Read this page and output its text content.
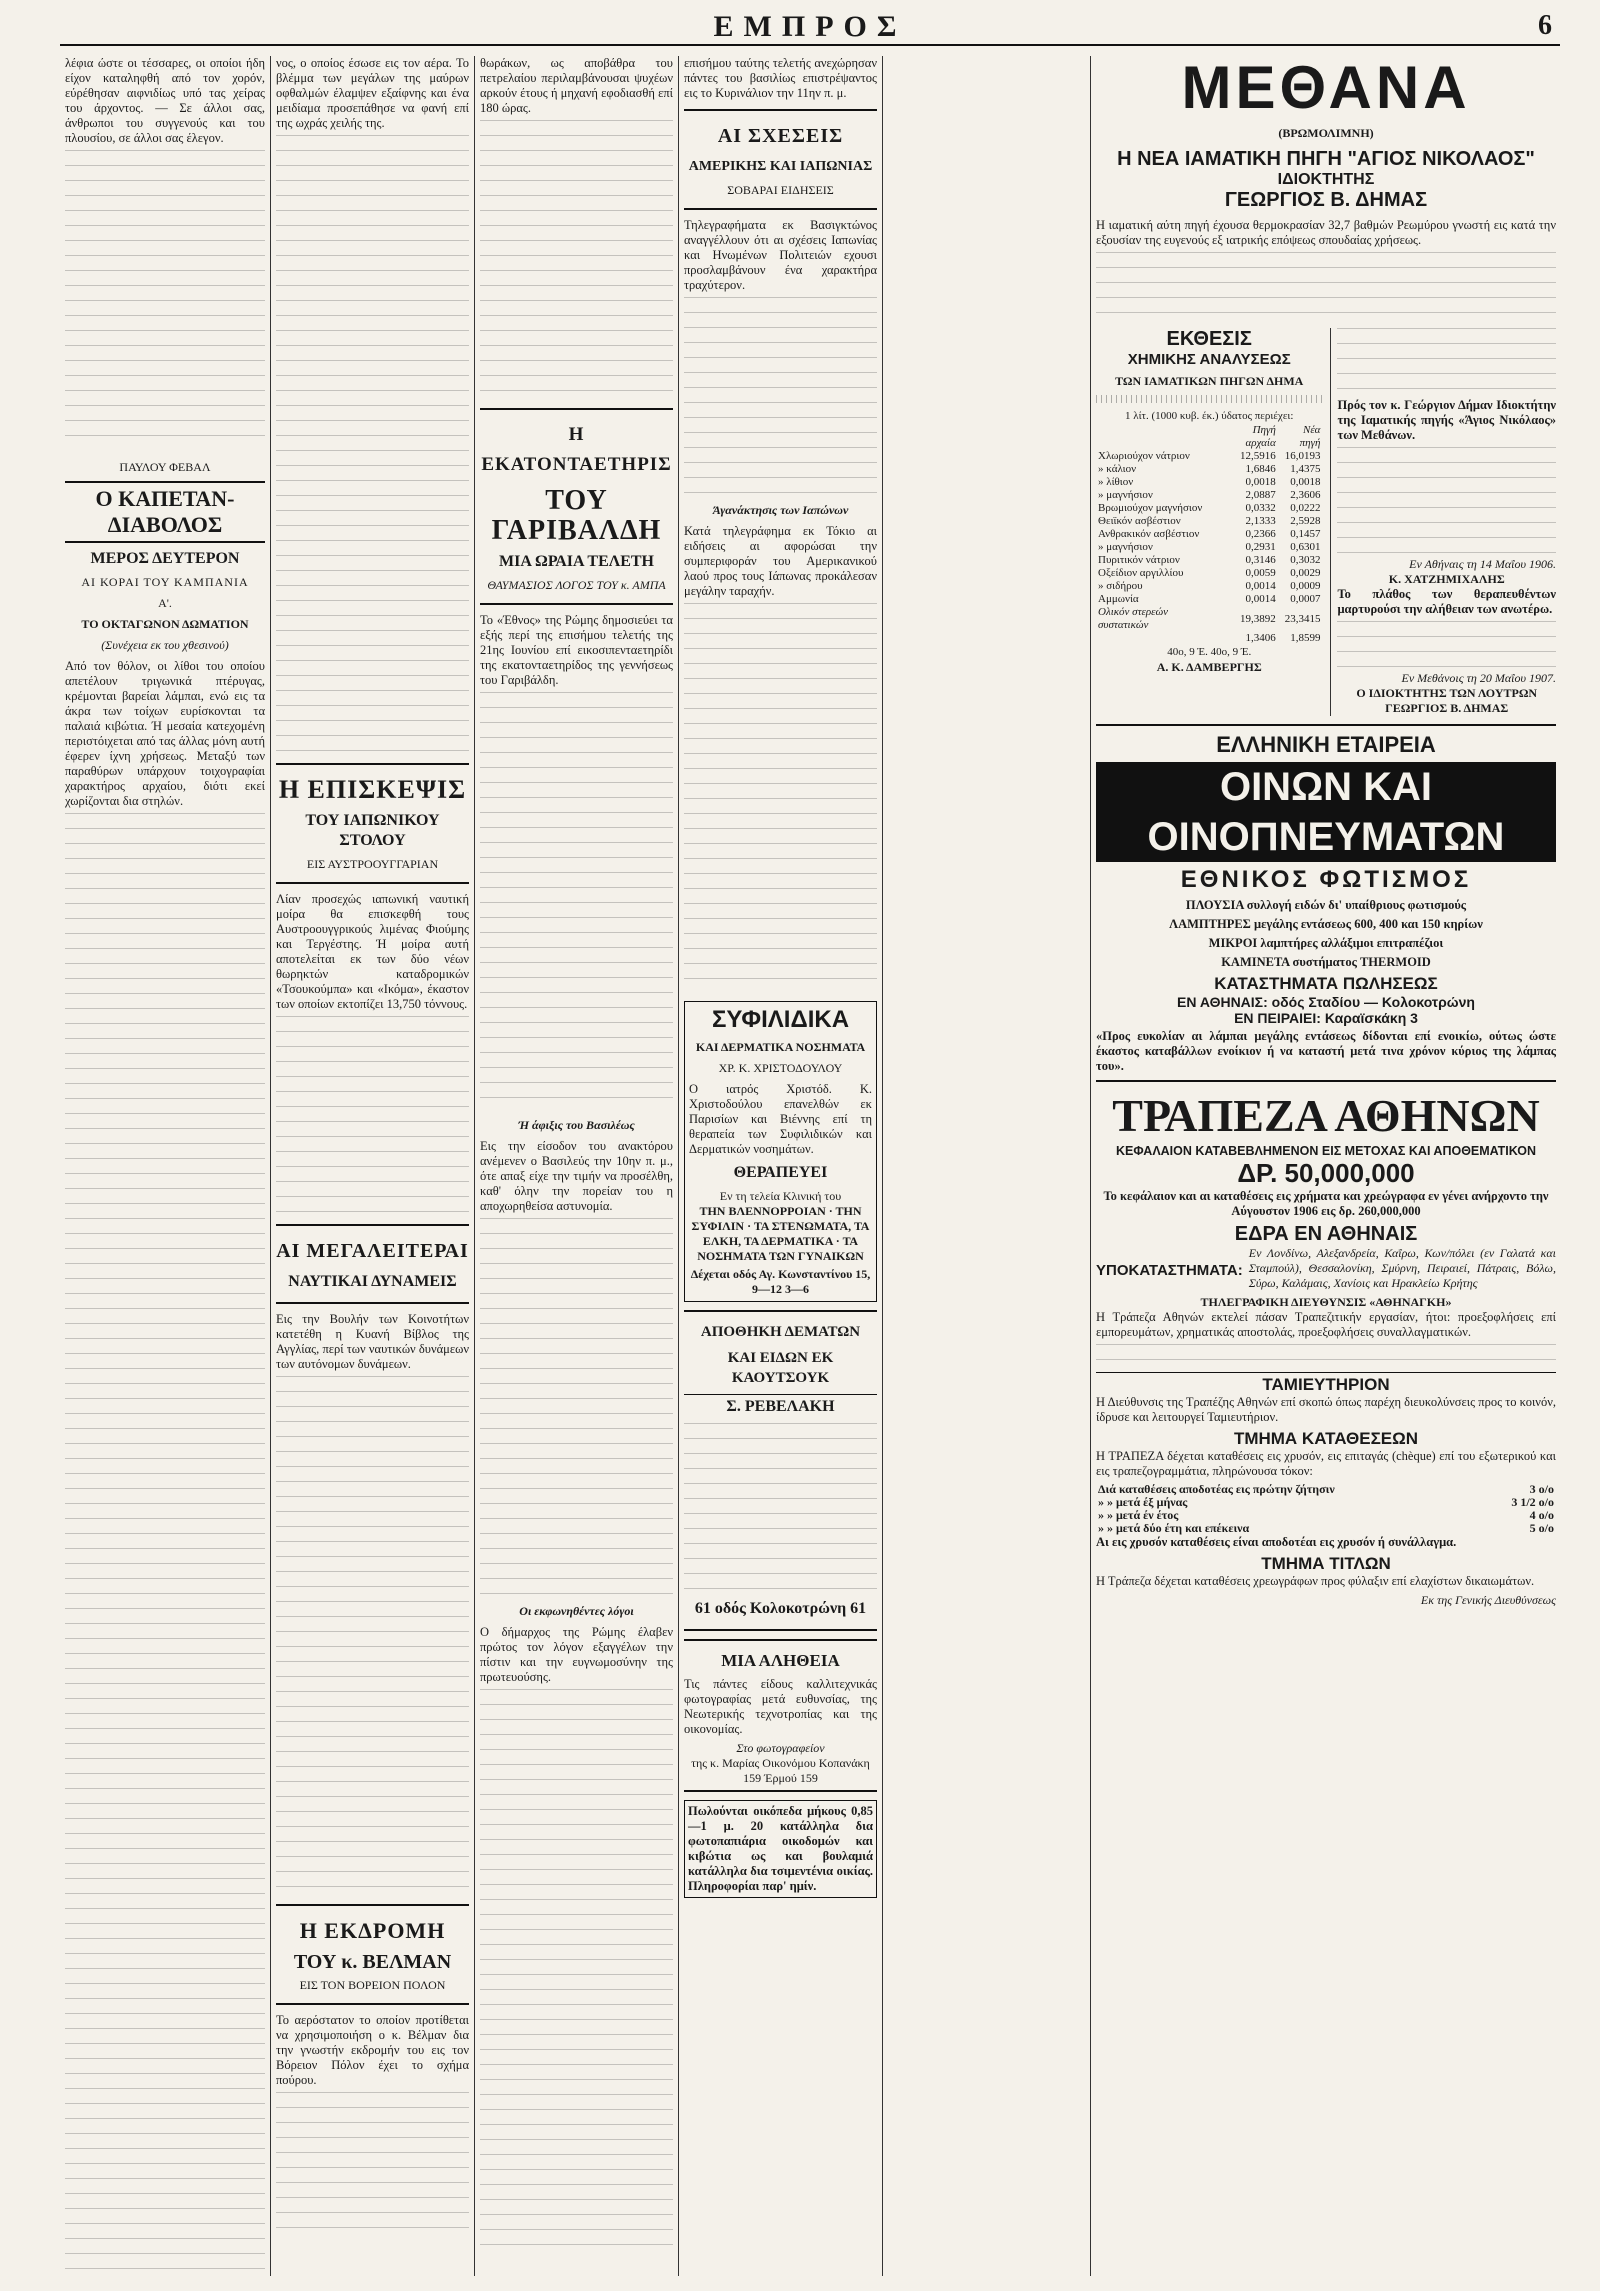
ΕΜΠΡΟΣ	6
λέφια ώστε οι τέσσαρες, οι οποίοι ήδη είχον καταληφθή από τον χορόν, εύρέθησαν αιφνιδίως υπό τας χείρας του άρχοντος. — Σε άλλοι σας, άνθρωποι του συγγενούς και του πλουσίου, σε άλλοι σας έλεγον.
ΠΑΥΛΟΥ ΦΕΒΑΛ
Ο ΚΑΠΕΤΑΝ-ΔΙΑΒΟΛΟΣ
ΜΕΡΟΣ ΔΕΥΤΕΡΟΝ
ΑΙ ΚΟΡΑΙ ΤΟΥ ΚΑΜΠΑΝΙΑ
Α'.
ΤΟ ΟΚΤΑΓΩΝΟΝ ΔΩΜΑΤΙΟΝ
(Συνέχεια εκ του χθεσινού)
Από τον θόλον, οι λίθοι του οποίου απετέλουν τριγωνικά πτέρυγας, κρέμονται βαρείαι λάμπαι, ενώ εις τα άκρα των τοίχων ευρίσκονται τα παλαιά κιβώτια. Ή μεσαία κατεχομένη περιστόιχεται από τας άλλας μόνη αυτή έφερεν ίχνη χρήσεως. Μεταξύ των παραθύρων υπάρχουν τοιχογραφίαι χαρακτήρος αρχαίου, διότι εκεί χωρίζονται δια στηλών.
νος, ο οποίος έσωσε εις τον αέρα. Το βλέμμα των μεγάλων της μαύρων οφθαλμών έλαμψεν εξαίφνης και ένα μειδίαμα προσεπάθησε να φανή επί της ωχράς χειλής της.
Η ΕΠΙΣΚΕΨΙΣ
ΤΟΥ ΙΑΠΩΝΙΚΟΥ ΣΤΟΛΟΥ
ΕΙΣ ΑΥΣΤΡΟΟΥΓΓΑΡΙΑΝ
Λίαν προσεχώς ιαπωνική ναυτική μοίρα θα επισκεφθή τους Αυστροουγγρικούς λιμένας Φιούμης και Τεργέστης. Ή μοίρα αυτή αποτελείται εκ των δύο νέων θωρηκτών καταδρομικών «Τσουκούμπα» και «Ικόμα», έκαστον των οποίων εκτοπίζει 13,750 τόννους.
ΑΙ ΜΕΓΑΛΕΙΤΕΡΑΙ
ΝΑΥΤΙΚΑΙ ΔΥΝΑΜΕΙΣ
Εις την Βουλήν των Κοινοτήτων κατετέθη η Κυανή Βίβλος της Αγγλίας, περί των ναυτικών δυνάμεων των αυτόνομων δυνάμεων.
Η ΕΚΔΡΟΜΗ
ΤΟΥ κ. ΒΕΛΜΑΝ
ΕΙΣ ΤΟΝ ΒΟΡΕΙΟΝ ΠΟΛΟΝ
Το αερόστατον το οποίον προτίθεται να χρησιμοποιήση ο κ. Βέλμαν δια την γνωστήν εκδρομήν του εις τον Βόρειον Πόλον έχει το σχήμα πούρου.
θωράκων, ως αποβάθρα του πετρελαίου περιλαμβάνουσαι ψυχέων αρκούν έτους ή μηχανή εφοδιασθή επί 180 ώρας.
Η ΕΚΑΤΟΝΤΑΕΤΗΡΙΣ
ΤΟΥ ΓΑΡΙΒΑΛΔΗ
ΜΙΑ ΩΡΑΙΑ ΤΕΛΕΤΗ
ΘΑΥΜΑΣΙΟΣ ΛΟΓΟΣ ΤΟΥ κ. ΑΜΠΑ
Το «Έθνος» της Ρώμης δημοσιεύει τα εξής περί της επισήμου τελετής της 21ης Ιουνίου επί εικοσιπενταετηρίδι της εκατονταετηρίδος της γεννήσεως του Γαριβάλδη.
Ή άφιξις του Βασιλέως
Εις την είσοδον του ανακτόρου ανέμενεν ο Βασιλεύς την 10ην π. μ., ότε απαξ είχε την τιμήν να προσέλθη, καθ' όλην την πορείαν του η αποχωρηθείσα αστυνομία.
Οι εκφωνηθέντες λόγοι
Ο δήμαρχος της Ρώμης έλαβεν πρώτος τον λόγον εξαγγέλων την πίστιν και την ευγνωμοσύνην της πρωτευούσης.
επισήμου ταύτης τελετής ανεχώρησαν πάντες του βασιλίως επιστρέψαντος εις το Κυρινάλιον την 11ην π. μ.
ΑΙ ΣΧΕΣΕΙΣ
ΑΜΕΡΙΚΗΣ ΚΑΙ ΙΑΠΩΝΙΑΣ
ΣΟΒΑΡΑΙ ΕΙΔΗΣΕΙΣ
Τηλεγραφήματα εκ Βασιγκτώνος αναγγέλλουν ότι αι σχέσεις Ιαπωνίας και Ηνωμένων Πολιτειών εχουσι προσλαμβάνουν ένα χαρακτήρα τραχύτερον.
Άγανάκτησις των Ιαπώνων
Κατά τηλεγράφημα εκ Τόκιο αι ειδήσεις αι αφορώσαι την συμπεριφοράν του Αμερικανικού λαού προς τους Ιάπωνας προκάλεσαν μεγάλην ταραχήν.
ΣΥΦΙΛΙΔΙΚΑ
ΚΑΙ ΔΕΡΜΑΤΙΚΑ ΝΟΣΗΜΑΤΑ
ΧΡ. Κ. ΧΡΙΣΤΟΔΟΥΛΟΥ
Ο ιατρός Χριστόδ. Κ. Χριστοδούλου επανελθών εκ Παρισίων και Βιέννης επί τη θεραπεία των Συφιλιδικών και Δερματικών νοσημάτων.
ΘΕΡΑΠΕΥΕΙ
Εν τη τελεία Κλινική του
ΤΗΝ ΒΛΕΝΝΟΡΡΟΙΑΝ · ΤΗΝ ΣΥΦΙΛΙΝ · ΤΑ ΣΤΕΝΩΜΑΤΑ, ΤΑ ΕΛΚΗ, ΤΑ ΔΕΡΜΑΤΙΚΑ · ΤΑ ΝΟΣΗΜΑΤΑ ΤΩΝ ΓΥΝΑΙΚΩΝ
Δέχεται οδός Αγ. Κωνσταντίνου 15, 9—12 3—6
ΑΠΟΘΗΚΗ ΔΕΜΑΤΩΝ
ΚΑΙ ΕΙΔΩΝ ΕΚ ΚΑΟΥΤΣΟΥΚ
Σ. ΡΕΒΕΛΑΚΗ
61 οδός Κολοκοτρώνη 61
ΜΙΑ ΑΛΗΘΕΙΑ
Τις πάντες είδους καλλιτεχνικάς φωτογραφίας μετά ευθυνσίας, της Νεωτερικής τεχνοτροπίας και της οικονομίας.
Στο φωτογραφείον
της κ. Μαρίας Οικονόμου Κοπανάκη 159 Έρμού 159
Πωλούνται οικόπεδα μήκους 0,85—1 μ. 20 κατάλληλα δια φωτοπαπιάρια οικοδομών και κιβώτια ως και βουλαμιά κατάλληλα δια τσιμεντένια οικίας. Πληροφορίαι παρ' ημίν.
ΜΕΘΑΝΑ
(ΒΡΩΜΟΛΙΜΝΗ)
Η ΝΕΑ ΙΑΜΑΤΙΚΗ ΠΗΓΗ "ΑΓΙΟΣ ΝΙΚΟΛΑΟΣ"
ΙΔΙΟΚΤΗΤΗΣ
ΓΕΩΡΓΙΟΣ Β. ΔΗΜΑΣ
Η ιαματική αύτη πηγή έχουσα θερμοκρασίαν 32,7 βαθμών Ρεωμύρου γνωστή εις κατά την εξουσίαν της ευγενούς εξ ιατρικής επόψεως σπουδαίας χρήσεως.
ΕΚΘΕΣΙΣ
ΧΗΜΙΚΗΣ ΑΝΑΛΥΣΕΩΣ
ΤΩΝ ΙΑΜΑΤΙΚΩΝ ΠΗΓΩΝ ΔΗΜΑ
1 λίτ. (1000 κυβ. έκ.) ύδατος περιέχει:
	Πηγή αρχαία	Νέα πηγή
Χλωριούχον νάτριον	12,5916	16,0193
» κάλιον	1,6846	1,4375
» λίθιον	0,0018	0,0018
» μαγνήσιον	2,0887	2,3606
Βρωμιούχον μαγνήσιον	0,0332	0,0222
Θειϊκόν ασβέστιον	2,1333	2,5928
Ανθρακικόν ασβέστιον	0,2366	0,1457
» μαγνήσιον	0,2931	0,6301
Πυριτικόν νάτριον	0,3146	0,3032
Οξείδιον αργιλλίου	0,0059	0,0029
» σιδήρου	0,0014	0,0009
Αμμωνία	0,0014	0,0007
Ολικόν στερεών συστατικών	19,3892	23,3415
	1,3406	1,8599
40ο, 9 Έ. 40ο, 9 Έ.
Α. Κ. ΔΑΜΒΕΡΓΗΣ
Πρός τον κ. Γεώργιον Δήμαν Ιδιοκτήτην της Ιαματικής πηγής «Άγιος Νικόλαος» των Μεθάνων.
Εν Αθήναις τη 14 Μαΐου 1906.
Κ. ΧΑΤΖΗΜΙΧΑΛΗΣ
Το πλάθος των θεραπευθέντων μαρτυρούσι την αλήθειαν των ανωτέρω.
Εν Μεθάνοις τη 20 Μαΐου 1907.
Ο ΙΔΙΟΚΤΗΤΗΣ ΤΩΝ ΛΟΥΤΡΩΝ ΓΕΩΡΓΙΟΣ Β. ΔΗΜΑΣ
ΕΛΛΗΝΙΚΗ ΕΤΑΙΡΕΙΑ
ΟΙΝΩΝ ΚΑΙ ΟΙΝΟΠΝΕΥΜΑΤΩΝ
ΕΘΝΙΚΟΣ ΦΩΤΙΣΜΟΣ
ΠΛΟΥΣΙΑ συλλογή ειδών δι' υπαίθριους φωτισμούς
ΛΑΜΠΤΗΡΕΣ μεγάλης εντάσεως 600, 400 και 150 κηρίων
ΜΙΚΡΟΙ λαμπτήρες αλλάξιμοι επιτραπέζιοι
ΚΑΜΙΝΕΤΑ συστήματος THERMOID
ΚΑΤΑΣΤΗΜΑΤΑ ΠΩΛΗΣΕΩΣ
ΕΝ ΑΘΗΝΑΙΣ: οδός Σταδίου — Κολοκοτρώνη
ΕΝ ΠΕΙΡΑΙΕΙ: Καραϊσκάκη 3
«Προς ευκολίαν αι λάμπαι μεγάλης εντάσεως δίδονται επί ενοικίω, ούτως ώστε έκαστος καταβάλλων ενοίκιον ή να καταστή μετά τινα χρόνον κύριος της λάμπας του».
ΤΡΑΠΕΖΑ ΑΘΗΝΩΝ
ΚΕΦΑΛΑΙΟΝ ΚΑΤΑΒΕΒΛΗΜΕΝΟΝ ΕΙΣ ΜΕΤΟΧΑΣ ΚΑΙ ΑΠΟΘΕΜΑΤΙΚΟΝ
ΔΡ. 50,000,000
Το κεφάλαιον και αι καταθέσεις εις χρήματα και χρεώγραφα εν γένει ανήρχοντο την Αύγουστον 1906 εις δρ. 260,000,000
ΕΔΡΑ ΕΝ ΑΘΗΝΑΙΣ
ΥΠΟΚΑΤΑΣΤΗΜΑΤΑ:
Εν Λονδίνω, Αλεξανδρεία, Καΐρω, Κων/πόλει (εν Γαλατά και Σταμπούλ), Θεσσαλονίκη, Σμύρνη, Πειραιεί, Πάτραις, Βόλω, Σύρω, Καλάμαις, Χανίοις και Ηρακλείω Κρήτης
ΤΗΛΕΓΡΑΦΙΚΗ ΔΙΕΥΘΥΝΣΙΣ «ΑΘΗΝΑΓΚΗ»
Η Τράπεζα Αθηνών εκτελεί πάσαν Τραπεζιτικήν εργασίαν, ήτοι: προεξοφλήσεις επί εμπορευμάτων, χρηματικάς αποστολάς, προεξοφλήσεις συναλλαγματικών.
ΤΑΜΙΕΥΤΗΡΙΟΝ
Η Διεύθυνσις της Τραπέζης Αθηνών επί σκοπώ όπως παρέχη διευκολύνσεις προς το κοινόν, ίδρυσε και λειτουργεί Ταμιευτήριον.
ΤΜΗΜΑ ΚΑΤΑΘΕΣΕΩΝ
Η ΤΡΑΠΕΖΑ δέχεται καταθέσεις εις χρυσόν, εις επιταγάς (chèque) επί του εξωτερικού και εις τραπεζογραμμάτια, πληρώνουσα τόκον:
Διά καταθέσεις αποδοτέας εις πρώτην ζήτησιν	3 ο/ο
» » μετά έξ μήνας	3 1/2 ο/ο
» » μετά έν έτος	4 ο/ο
» » μετά δύο έτη και επέκεινα	5 ο/ο
Αι εις χρυσόν καταθέσεις είναι αποδοτέαι εις χρυσόν ή συνάλλαγμα.
ΤΜΗΜΑ ΤΙΤΛΩΝ
Η Τράπεζα δέχεται καταθέσεις χρεωγράφων προς φύλαξιν επί ελαχίστων δικαιωμάτων.
Εκ της Γενικής Διευθύνσεως
